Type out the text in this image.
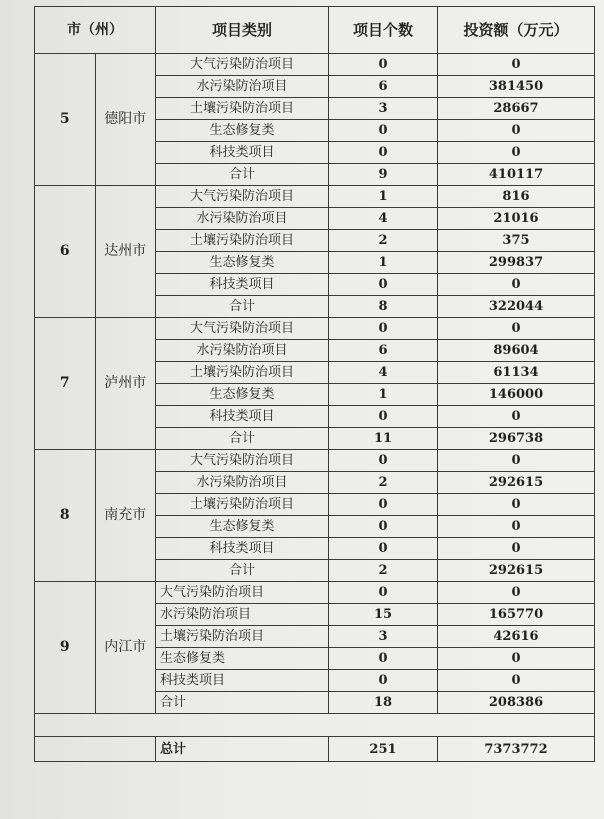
市（州）		项目类别	项目个数	投资额（万元）
5	德阳市	大气污染防治项目	0	0
		水污染防治项目	6	381450
		土壤污染防治项目	3	28667
		生态修复类	0	0
		科技类项目	0	0
		合计	9	410117
6	达州市	大气污染防治项目	1	816
		水污染防治项目	4	21016
		土壤污染防治项目	2	375
		生态修复类	1	299837
		科技类项目	0	0
		合计	8	322044
7	泸州市	大气污染防治项目	0	0
		水污染防治项目	6	89604
		土壤污染防治项目	4	61134
		生态修复类	1	146000
		科技类项目	0	0
		合计	11	296738
8	南充市	大气污染防治项目	0	0
		水污染防治项目	2	292615
		土壤污染防治项目	0	0
		生态修复类	0	0
		科技类项目	0	0
		合计	2	292615
9	内江市	大气污染防治项目	0	0
		水污染防治项目	15	165770
		土壤污染防治项目	3	42616
		生态修复类	0	0
		科技类项目	0	0
		合计	18	208386

		总计	251	7373772
